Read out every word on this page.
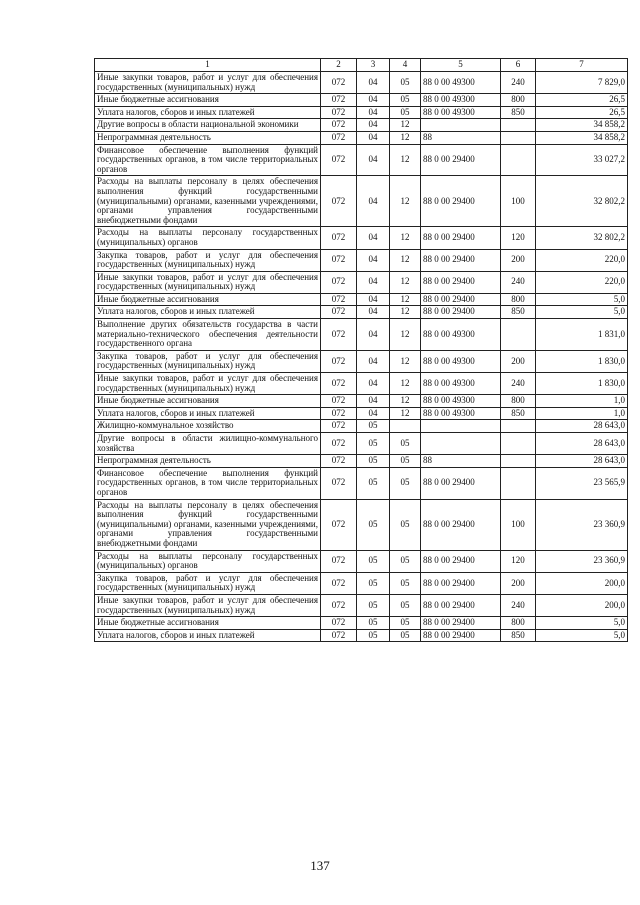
1	2	3	4	5	6	7
Иные закупки товаров, работ и услуг для обеспечения государственных (муниципальных) нужд	072	04	05	88 0 00 49300	240	7 829,0
Иные бюджетные ассигнования	072	04	05	88 0 00 49300	800	26,5
Уплата налогов, сборов и иных платежей	072	04	05	88 0 00 49300	850	26,5
Другие вопросы в области национальной экономики	072	04	12			34 858,2
Непрограммная деятельность	072	04	12	88		34 858,2
Финансовое обеспечение выполнения функций государственных органов, в том числе территориальных органов	072	04	12	88 0 00 29400		33 027,2
Расходы на выплаты персоналу в целях обеспечения выполнения функций государственными (муниципальными) органами, казенными учреждениями, органами управления государственными внебюджетными фондами	072	04	12	88 0 00 29400	100	32 802,2
Расходы на выплаты персоналу государственных (муниципальных) органов	072	04	12	88 0 00 29400	120	32 802,2
Закупка товаров, работ и услуг для обеспечения государственных (муниципальных) нужд	072	04	12	88 0 00 29400	200	220,0
Иные закупки товаров, работ и услуг для обеспечения государственных (муниципальных) нужд	072	04	12	88 0 00 29400	240	220,0
Иные бюджетные ассигнования	072	04	12	88 0 00 29400	800	5,0
Уплата налогов, сборов и иных платежей	072	04	12	88 0 00 29400	850	5,0
Выполнение других обязательств государства в части материально-технического обеспечения деятельности государственного органа	072	04	12	88 0 00 49300		1 831,0
Закупка товаров, работ и услуг для обеспечения государственных (муниципальных) нужд	072	04	12	88 0 00 49300	200	1 830,0
Иные закупки товаров, работ и услуг для обеспечения государственных (муниципальных) нужд	072	04	12	88 0 00 49300	240	1 830,0
Иные бюджетные ассигнования	072	04	12	88 0 00 49300	800	1,0
Уплата налогов, сборов и иных платежей	072	04	12	88 0 00 49300	850	1,0
Жилищно-коммунальное хозяйство	072	05				28 643,0
Другие вопросы в области жилищно-коммунального хозяйства	072	05	05			28 643,0
Непрограммная деятельность	072	05	05	88		28 643,0
Финансовое обеспечение выполнения функций государственных органов, в том числе территориальных органов	072	05	05	88 0 00 29400		23 565,9
Расходы на выплаты персоналу в целях обеспечения выполнения функций государственными (муниципальными) органами, казенными учреждениями, органами управления государственными внебюджетными фондами	072	05	05	88 0 00 29400	100	23 360,9
Расходы на выплаты персоналу государственных (муниципальных) органов	072	05	05	88 0 00 29400	120	23 360,9
Закупка товаров, работ и услуг для обеспечения государственных (муниципальных) нужд	072	05	05	88 0 00 29400	200	200,0
Иные закупки товаров, работ и услуг для обеспечения государственных (муниципальных) нужд	072	05	05	88 0 00 29400	240	200,0
Иные бюджетные ассигнования	072	05	05	88 0 00 29400	800	5,0
Уплата налогов, сборов и иных платежей	072	05	05	88 0 00 29400	850	5,0
137
